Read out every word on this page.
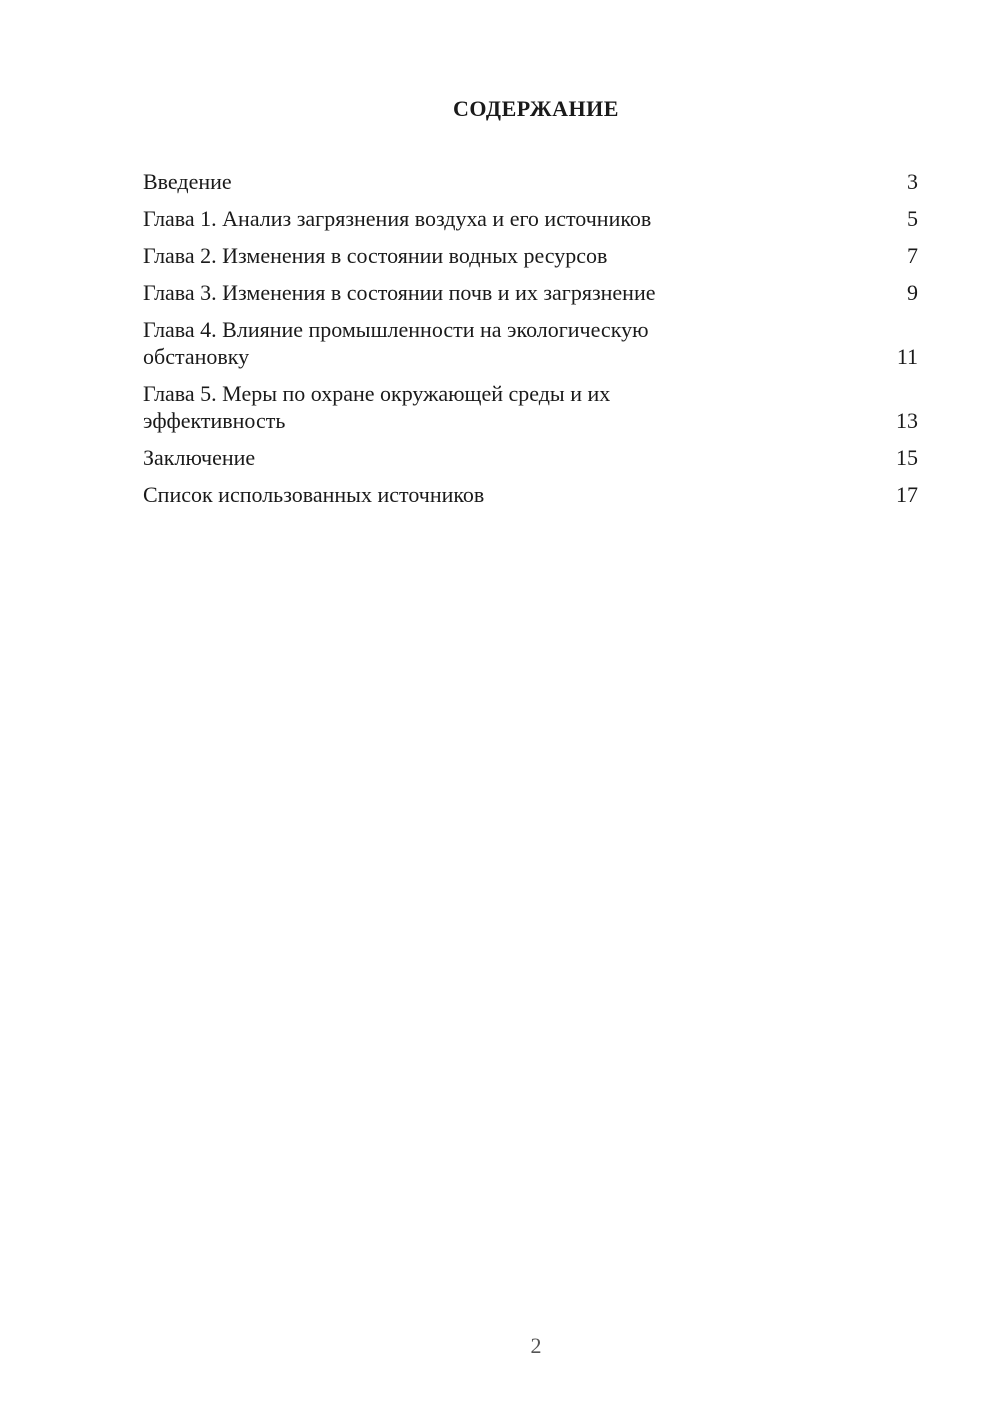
СОДЕРЖАНИЕ
Введение	3
Глава 1. Анализ загрязнения воздуха и его источников	5
Глава 2. Изменения в состоянии водных ресурсов	7
Глава 3. Изменения в состоянии почв и их загрязнение	9
Глава 4. Влияние промышленности на экологическую обстановку	11
Глава 5. Меры по охране окружающей среды и их эффективность	13
Заключение	15
Список использованных источников	17
2
